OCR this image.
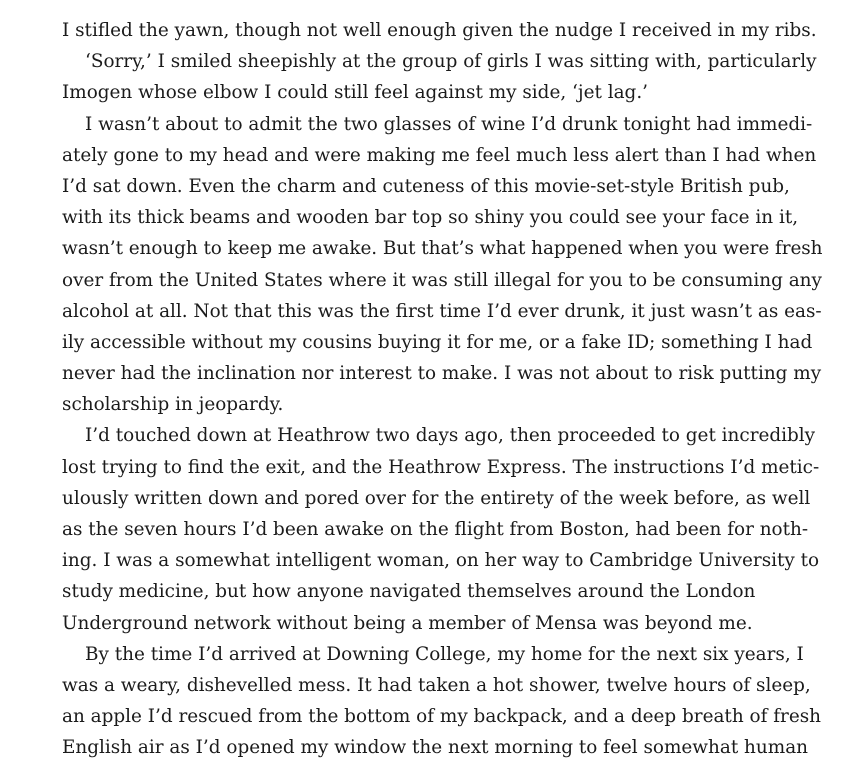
I stifled the yawn, though not well enough given the nudge I received in my ribs.
‘Sorry,’ I smiled sheepishly at the group of girls I was sitting with, particularly
Imogen whose elbow I could still feel against my side, ‘jet lag.’
I wasn’t about to admit the two glasses of wine I’d drunk tonight had immedi-
ately gone to my head and were making me feel much less alert than I had when
I’d sat down. Even the charm and cuteness of this movie-set-style British pub,
with its thick beams and wooden bar top so shiny you could see your face in it,
wasn’t enough to keep me awake. But that’s what happened when you were fresh
over from the United States where it was still illegal for you to be consuming any
alcohol at all. Not that this was the first time I’d ever drunk, it just wasn’t as eas-
ily accessible without my cousins buying it for me, or a fake ID; something I had
never had the inclination nor interest to make. I was not about to risk putting my
scholarship in jeopardy.
I’d touched down at Heathrow two days ago, then proceeded to get incredibly
lost trying to find the exit, and the Heathrow Express. The instructions I’d metic-
ulously written down and pored over for the entirety of the week before, as well
as the seven hours I’d been awake on the flight from Boston, had been for noth-
ing. I was a somewhat intelligent woman, on her way to Cambridge University to
study medicine, but how anyone navigated themselves around the London
Underground network without being a member of Mensa was beyond me.
By the time I’d arrived at Downing College, my home for the next six years, I
was a weary, dishevelled mess. It had taken a hot shower, twelve hours of sleep,
an apple I’d rescued from the bottom of my backpack, and a deep breath of fresh
English air as I’d opened my window the next morning to feel somewhat human
